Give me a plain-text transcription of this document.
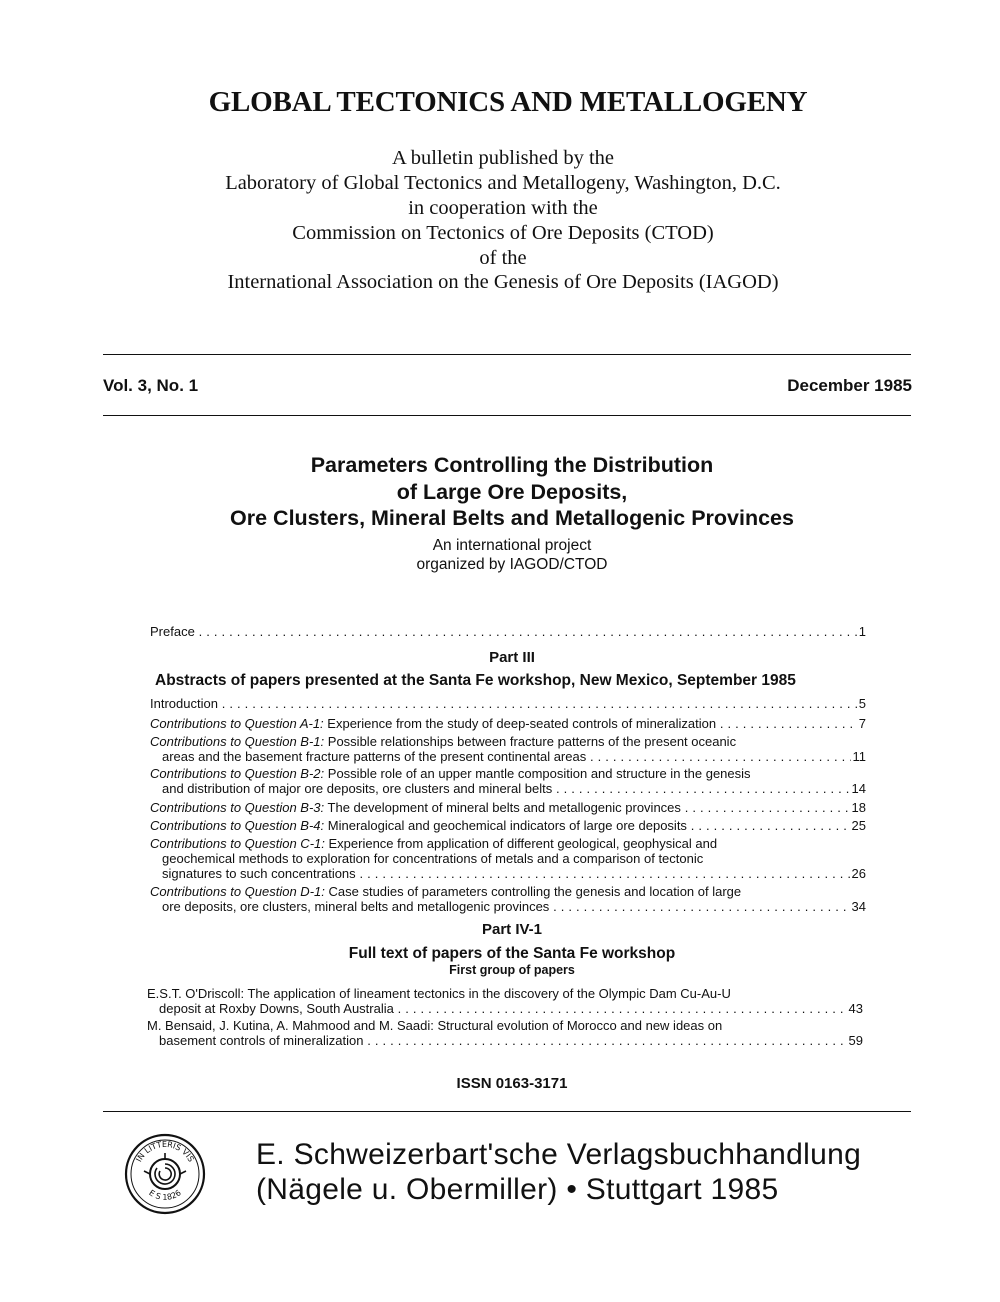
GLOBAL TECTONICS AND METALLOGENY
A bulletin published by the
Laboratory of Global Tectonics and Metallogeny, Washington, D.C.
in cooperation with the
Commission on Tectonics of Ore Deposits (CTOD)
of the
International Association on the Genesis of Ore Deposits (IAGOD)
Vol. 3, No. 1	December 1985
Parameters Controlling the Distribution
of Large Ore Deposits,
Ore Clusters, Mineral Belts and Metallogenic Provinces
An international project
organized by IAGOD/CTOD
Preface . . .	1
Part III
Abstracts of papers presented at the Santa Fe workshop, New Mexico, September 1985
Introduction . . .	5
Contributions to Question A-1: Experience from the study of deep-seated controls of mineralization . . .	7
Contributions to Question B-1: Possible relationships between fracture patterns of the present oceanic
areas and the basement fracture patterns of the present continental areas . . .	11
Contributions to Question B-2: Possible role of an upper mantle composition and structure in the genesis
and distribution of major ore deposits, ore clusters and mineral belts . . .	14
Contributions to Question B-3: The development of mineral belts and metallogenic provinces . . .	18
Contributions to Question B-4: Mineralogical and geochemical indicators of large ore deposits . . .	25
Contributions to Question C-1: Experience from application of different geological, geophysical and
geochemical methods to exploration for concentrations of metals and a comparison of tectonic
signatures to such concentrations . . .	26
Contributions to Question D-1: Case studies of parameters controlling the genesis and location of large
ore deposits, ore clusters, mineral belts and metallogenic provinces . . .	34
Part IV-1
Full text of papers of the Santa Fe workshop
First group of papers
E.S.T. O'Driscoll: The application of lineament tectonics in the discovery of the Olympic Dam Cu-Au-U
deposit at Roxby Downs, South Australia . . .	43
M. Bensaid, J. Kutina, A. Mahmood and M. Saadi: Structural evolution of Morocco and new ideas on
basement controls of mineralization . . .	59
ISSN 0163-3171
IN LITTERIS VIS
E S 1826
E. Schweizerbart'sche Verlagsbuchhandlung
(Nägele u. Obermiller) • Stuttgart 1985
